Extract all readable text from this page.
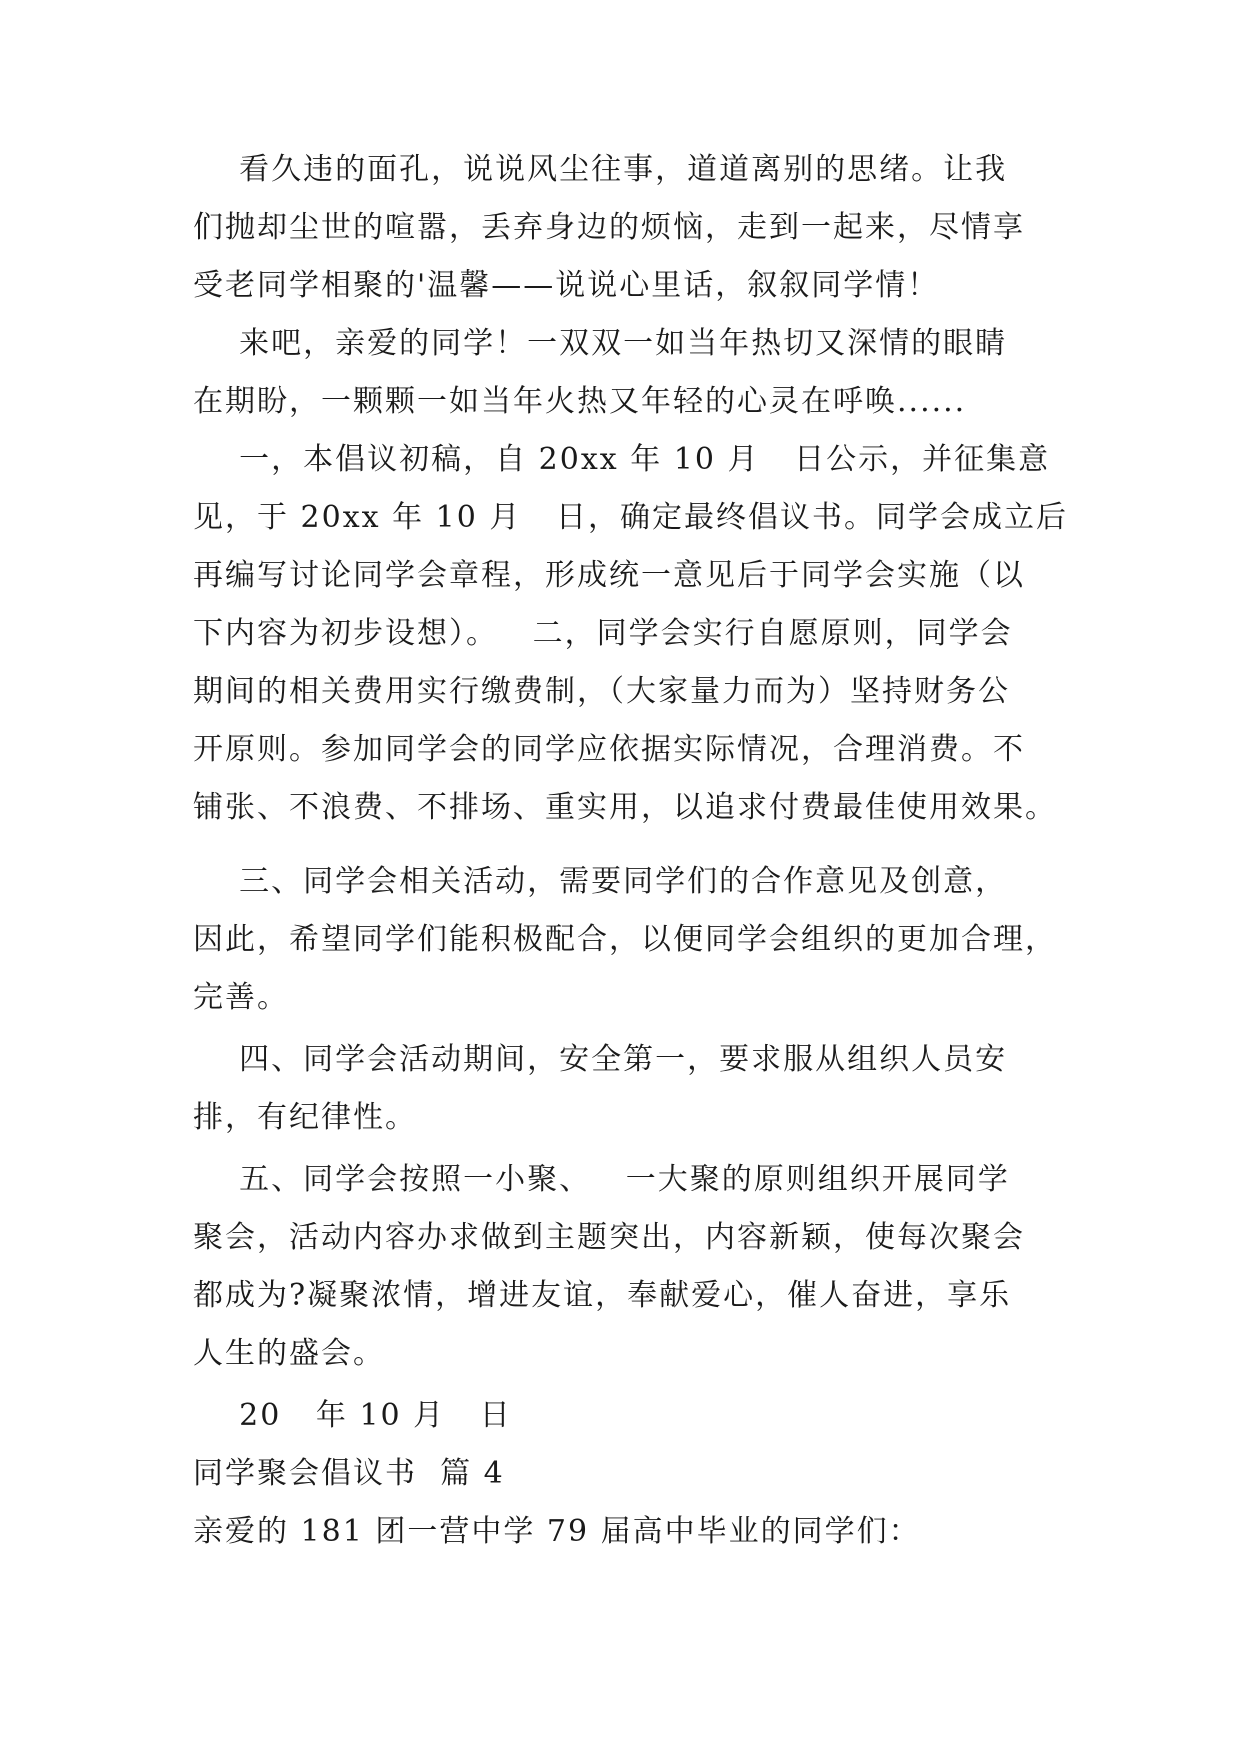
看久违的面孔，说说风尘往事，道道离别的思绪。让我
们抛却尘世的喧嚣，丢弃身边的烦恼，走到一起来，尽情享
受老同学相聚的'温馨——说说心里话，叙叙同学情！
来吧，亲爱的同学！一双双一如当年热切又深情的眼睛
在期盼，一颗颗一如当年火热又年轻的心灵在呼唤......
一，本倡议初稿，自 20xx 年 10 月   日公示，并征集意
见，于 20xx 年 10 月   日，确定最终倡议书。同学会成立后
再编写讨论同学会章程，形成统一意见后于同学会实施（以
下内容为初步设想）。   二，同学会实行自愿原则，同学会
期间的相关费用实行缴费制，（大家量力而为）坚持财务公
开原则。参加同学会的同学应依据实际情况，合理消费。不
铺张、不浪费、不排场、重实用，以追求付费最佳使用效果。
三、同学会相关活动，需要同学们的合作意见及创意，
因此，希望同学们能积极配合，以便同学会组织的更加合理，
完善。
四、同学会活动期间，安全第一，要求服从组织人员安
排，有纪律性。
五、同学会按照一小聚、   一大聚的原则组织开展同学
聚会，活动内容办求做到主题突出，内容新颖，使每次聚会
都成为?凝聚浓情，增进友谊，奉献爱心，催人奋进，享乐
人生的盛会。
20   年 10 月   日
同学聚会倡议书  篇 4
亲爱的 181 团一营中学 79 届高中毕业的同学们：
